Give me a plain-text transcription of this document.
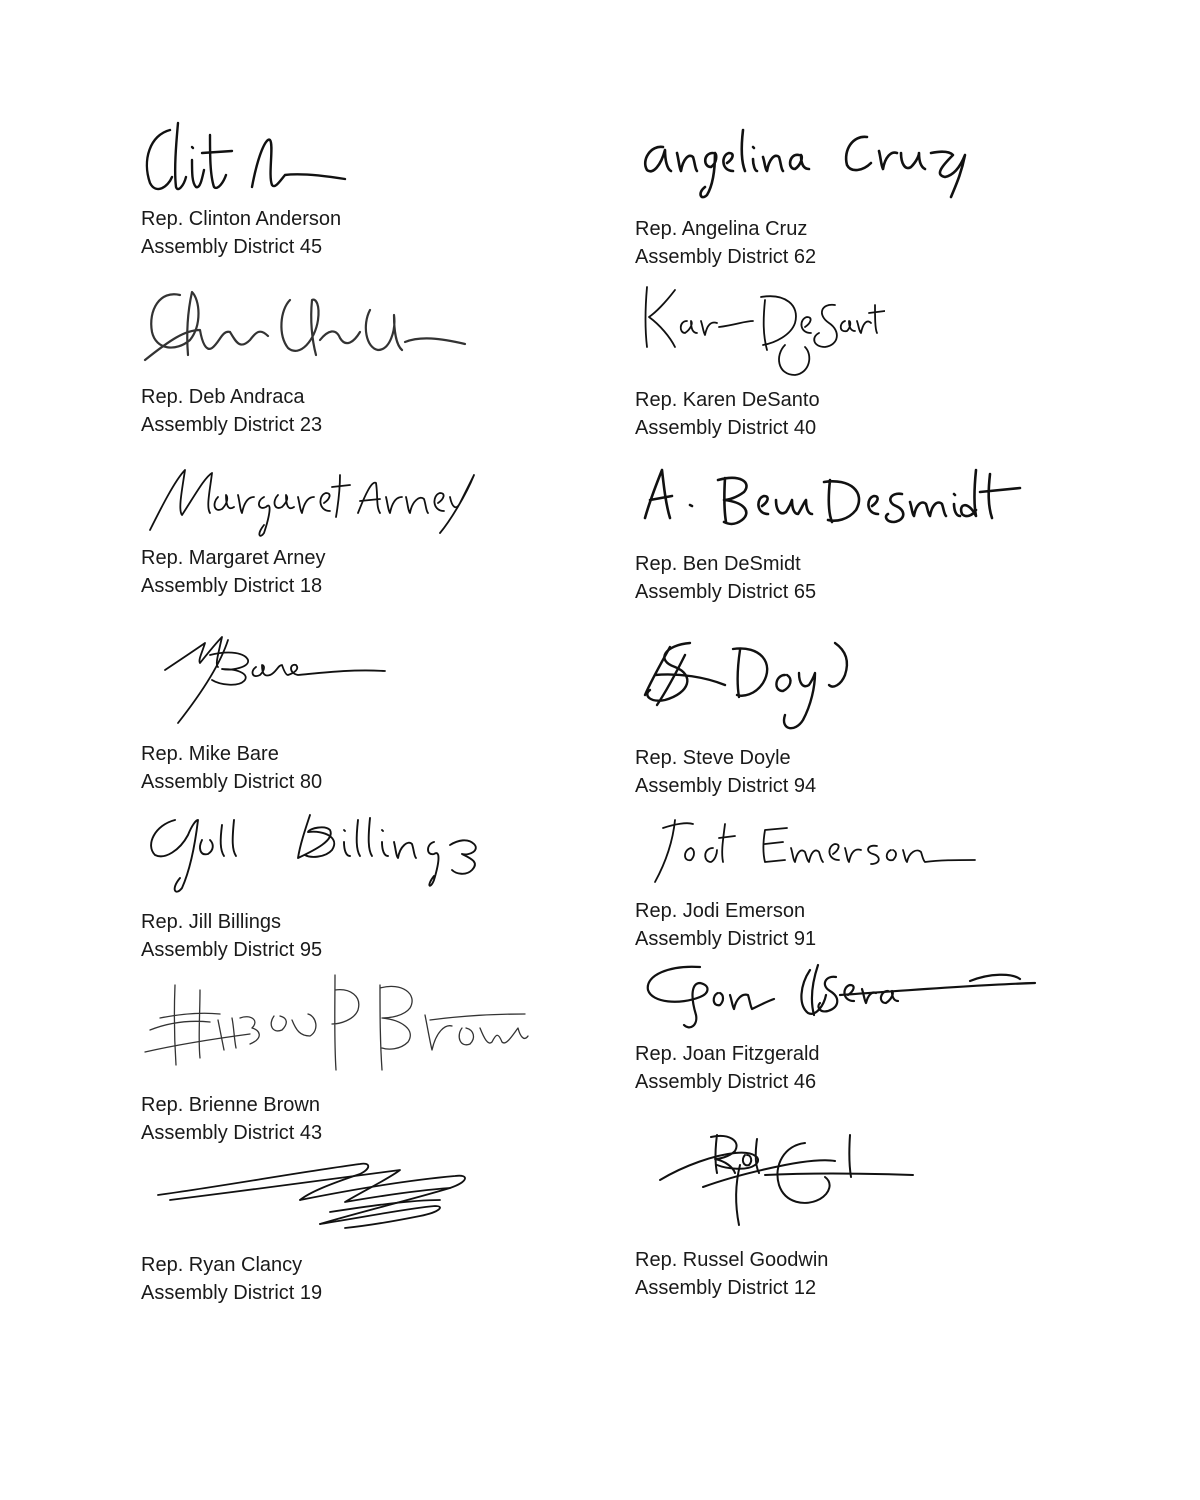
Rep. Clinton Anderson
Assembly District 45
Rep. Deb Andraca
Assembly District 23
Rep. Margaret Arney
Assembly District 18
Rep. Mike Bare
Assembly District 80
Rep. Jill Billings
Assembly District 95
Rep. Brienne Brown
Assembly District 43
Rep. Ryan Clancy
Assembly District 19
Rep. Angelina Cruz
Assembly District 62
Rep. Karen DeSanto
Assembly District 40
Rep. Ben DeSmidt
Assembly District 65
Rep. Steve Doyle
Assembly District 94
Rep. Jodi Emerson
Assembly District 91
Rep. Joan Fitzgerald
Assembly District 46
Rep. Russel Goodwin
Assembly District 12
